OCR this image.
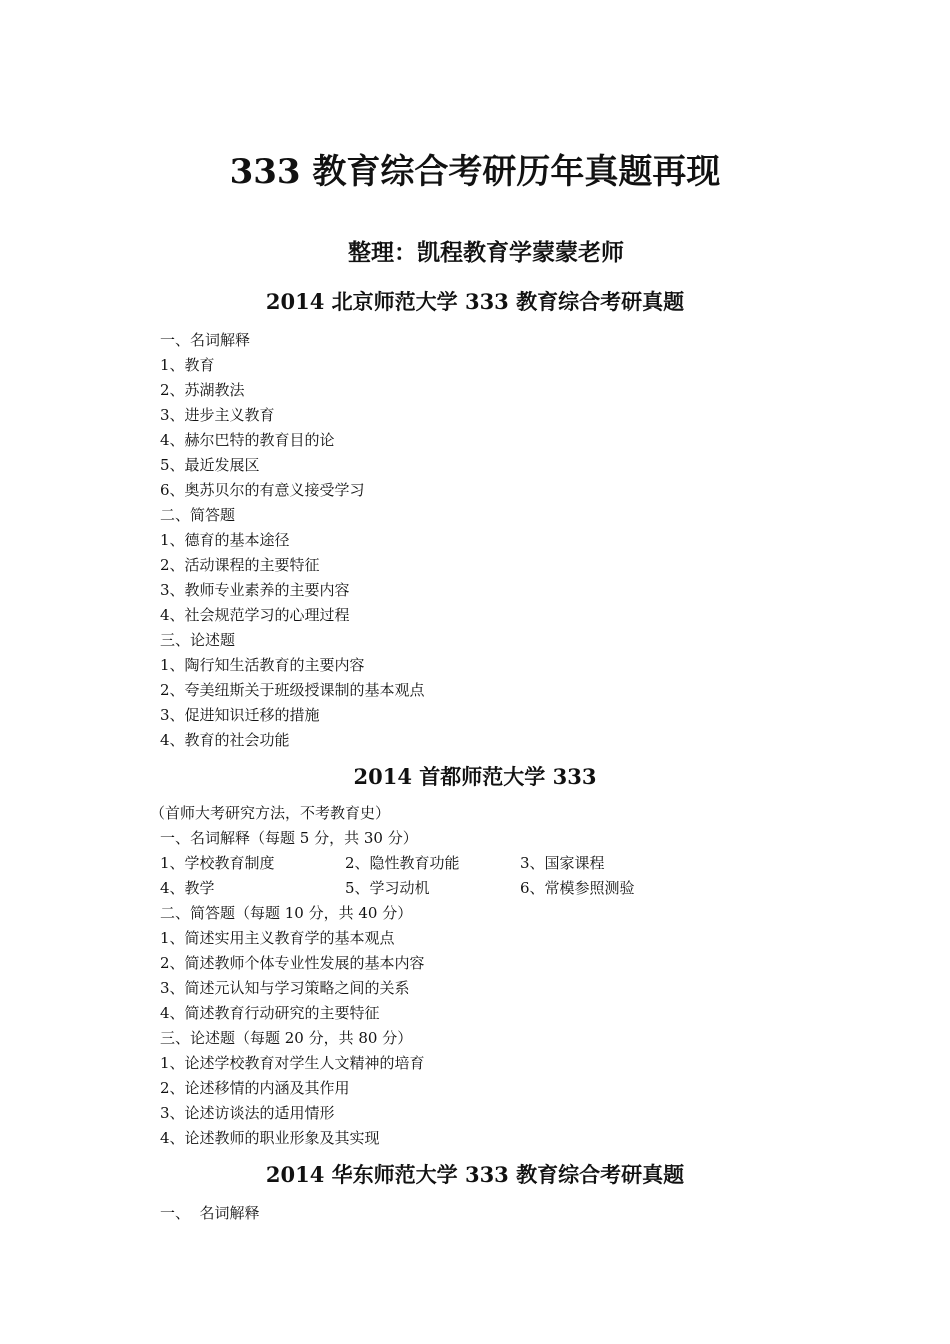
333 教育综合考研历年真题再现
整理：凯程教育学蒙蒙老师
2014 北京师范大学 333 教育综合考研真题
一、名词解释
1、教育
2、苏湖教法
3、进步主义教育
4、赫尔巴特的教育目的论
5、最近发展区
6、奥苏贝尔的有意义接受学习
二、简答题
1、德育的基本途径
2、活动课程的主要特征
3、教师专业素养的主要内容
4、社会规范学习的心理过程
三、论述题
1、陶行知生活教育的主要内容
2、夸美纽斯关于班级授课制的基本观点
3、促进知识迁移的措施
4、教育的社会功能
2014 首都师范大学 333
（首师大考研究方法，不考教育史）
一、名词解释（每题 5 分，共 30 分）
1、学校教育制度	2、隐性教育功能	3、国家课程
4、教学	5、学习动机	6、常模参照测验
二、简答题（每题 10 分，共 40 分）
1、简述实用主义教育学的基本观点
2、简述教师个体专业性发展的基本内容
3、简述元认知与学习策略之间的关系
4、简述教育行动研究的主要特征
三、论述题（每题 20 分，共 80 分）
1、论述学校教育对学生人文精神的培育
2、论述移情的内涵及其作用
3、论述访谈法的适用情形
4、论述教师的职业形象及其实现
2014 华东师范大学 333 教育综合考研真题
一、  名词解释
